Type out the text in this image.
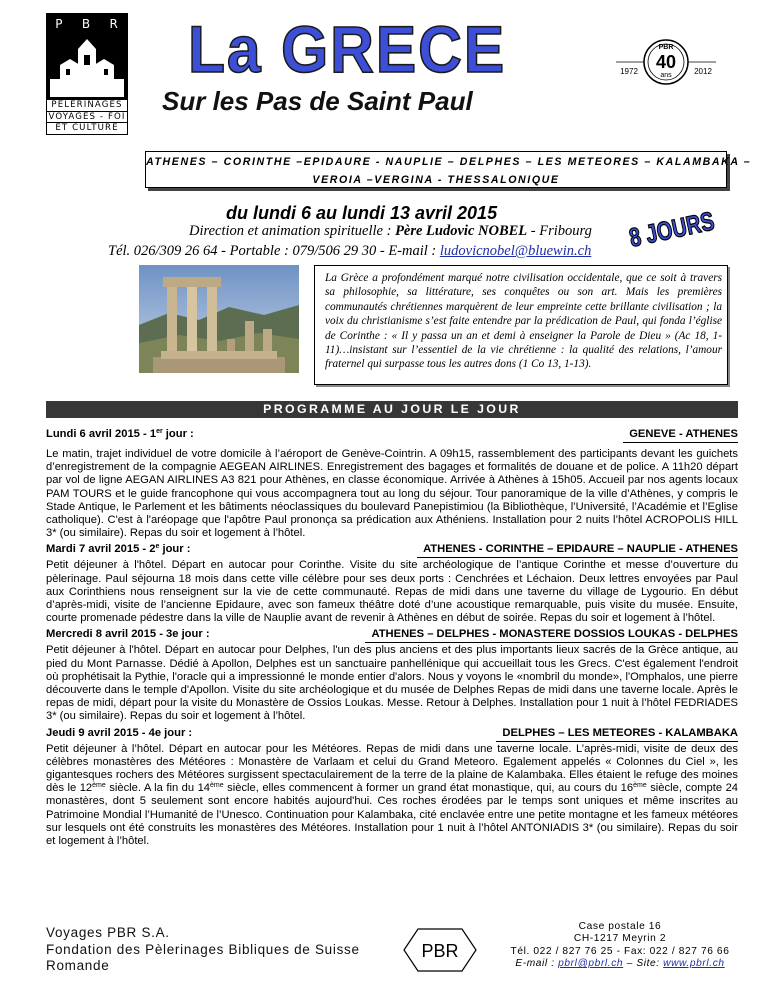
P B R
PÈLERINAGES
VOYAGES - FOI
ET CULTURE
La GRECE
Sur les Pas de Saint Paul
PBR
40
ans
1972	2012
ATHENES – CORINTHE –EPIDAURE - NAUPLIE – DELPHES – LES METEORES – KALAMBAKA –
VEROIA –VERGINA - THESSALONIQUE
du lundi 6 au lundi 13 avril 2015	8 JOURS
Direction et animation spirituelle : Père Ludovic NOBEL - Fribourg
Tél. 026/309 26 64 - Portable : 079/506 29 30 - E-mail : ludovicnobel@bluewin.ch
La Grèce a profondément marqué notre civilisation occidentale, que ce soit à travers sa philosophie, sa littérature, ses conquêtes ou son art. Mais les premières communautés chrétiennes marquèrent de leur empreinte cette brillante civilisation ; la voix du christianisme s’est faite entendre par la prédication de Paul, qui fonda l’église de Corinthe : « Il y passa un an et demi à enseigner la Parole de Dieu » (Ac 18, 1-11)…insistant sur l’essentiel de la vie chrétienne : la qualité des relations, l’amour fraternel qui surpasse tous les autres dons (1 Co 13, 1-13).
PROGRAMME AU JOUR LE JOUR
Lundi 6 avril 2015 - 1er jour :	GENEVE - ATHENES
Le matin, trajet individuel de votre domicile à l’aéroport de Genève-Cointrin. A 09h15, rassemblement des participants devant les guichets d’enregistrement de la compagnie AEGEAN AIRLINES. Enregistrement des bagages et formalités de douane et de police. A 11h20 départ par vol de ligne AEGAN AIRLINES A3 821 pour Athènes, en classe économique. Arrivée à Athènes à 15h05. Accueil par nos agents locaux PAM TOURS et le guide francophone qui vous accompagnera tout au long du séjour. Tour panoramique de la ville d’Athènes, y compris le Stade Antique, le Parlement et les bâtiments néoclassiques du boulevard Panepistimiou (la Bibliothèque, l’Université, l’Académie et l’Eglise catholique). C'est à l'aréopage que l'apôtre Paul prononça sa prédication aux Athéniens. Installation pour 2 nuits l’hôtel ACROPOLIS HILL 3* (ou similaire). Repas du soir et logement à l’hôtel.
Mardi 7 avril 2015 - 2e jour :	ATHENES - CORINTHE – EPIDAURE – NAUPLIE - ATHENES
Petit déjeuner à l'hôtel. Départ en autocar pour Corinthe. Visite du site archéologique de l’antique Corinthe et messe d’ouverture du pèlerinage. Paul séjourna 18 mois dans cette ville célèbre pour ses deux ports : Cenchrées et Léchaion. Deux lettres envoyées par Paul aux Corinthiens nous renseignent sur la vie de cette communauté. Repas de midi dans une taverne du village de Lygourio. En début d’après-midi, visite de l’ancienne Epidaure, avec son fameux théâtre doté d’une acoustique remarquable, puis visite du musée. Ensuite, courte promenade pédestre dans la ville de Nauplie avant de revenir à Athènes en début de soirée. Repas du soir et logement à l’hôtel.
Mercredi 8 avril 2015 - 3e jour :	ATHENES – DELPHES - MONASTERE DOSSIOS LOUKAS - DELPHES
Petit déjeuner à l'hôtel. Départ en autocar pour Delphes, l'un des plus anciens et des plus importants lieux sacrés de la Grèce antique, au pied du Mont Parnasse. Dédié à Apollon, Delphes est un sanctuaire panhellénique qui accueillait tous les Grecs. C'est également l'endroit où prophétisait la Pythie, l'oracle qui a impressionné le monde entier d'alors. Nous y voyons le «nombril du monde», l'Omphalos, une pierre découverte dans le temple d'Apollon. Visite du site archéologique et du musée de Delphes Repas de midi dans une taverne locale. Après le repas de midi, départ pour la visite du Monastère de Ossios Loukas. Messe. Retour à Delphes. Installation pour 1 nuit à l’hôtel FEDRIADES 3* (ou similaire). Repas du soir et logement à l’hôtel.
Jeudi 9 avril 2015 - 4e jour :	DELPHES – LES METEORES - KALAMBAKA
Petit déjeuner à l’hôtel. Départ en autocar pour les Météores. Repas de midi dans une taverne locale. L’après-midi, visite de deux des célèbres monastères des Météores : Monastère de Varlaam et celui du Grand Meteoro. Egalement appelés « Colonnes du Ciel », les gigantesques rochers des Météores surgissent spectaculairement de la terre de la plaine de Kalambaka. Elles étaient le refuge des moines dès le 12ème siècle. A la fin du 14ème siècle, elles commencent à former un grand état monastique, qui, au cours du 16ème siècle, compte 24 monastères, dont 5 seulement sont encore habités aujourd'hui. Ces roches érodées par le temps sont uniques et même inscrites au Patrimoine Mondial l’Humanité de l’Unesco. Continuation pour Kalambaka, cité enclavée entre une petite montagne et les fameux météores sur lesquels ont été construits les monastères des Météores. Installation pour 1 nuit à l’hôtel ANTONIADIS 3* (ou similaire). Repas du soir et logement à l’hôtel.
Voyages PBR S.A.
Fondation des Pèlerinages Bibliques de Suisse
Romande
PBR
Case postale 16
CH-1217 Meyrin 2
Tél. 022 / 827 76 25 - Fax: 022 / 827 76 66
E-mail : pbrl@pbrl.ch – Site: www.pbrl.ch
